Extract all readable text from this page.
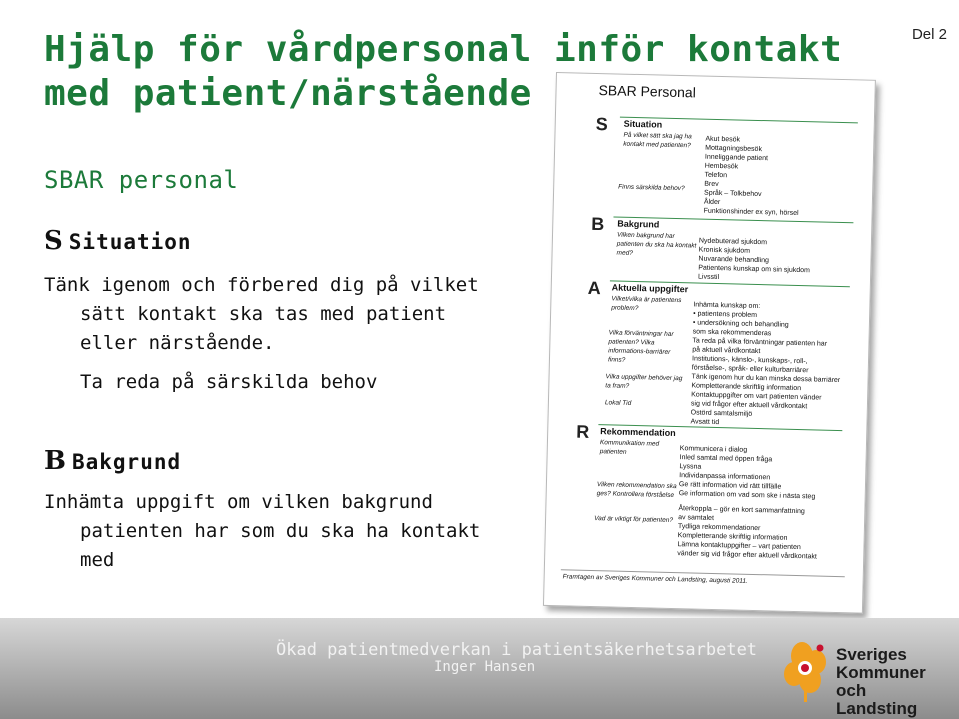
Hjälp för vårdpersonal inför kontakt
med patient/närstående
Del 2
SBAR personal
S Situation
Tänk igenom och förbered dig på vilket sätt kontakt ska tas med patient eller närstående.
Ta reda på särskilda behov
B Bakgrund
Inhämta uppgift om vilken bakgrund patienten har som du ska ha kontakt med
SBAR Personal
S Situation
På vilket sätt ska jag ha kontakt med patienten?
Finns särskilda behov?
Akut besök
Mottagningsbesök
Inneliggande patient
Hembesök
Telefon
Brev
Språk – Tolkbehov
Ålder
Funktionshinder ex syn, hörsel
B Bakgrund
Vilken bakgrund har patienten du ska ha kontakt med?
Nydebuterad sjukdom
Kronisk sjukdom
Nuvarande behandling
Patientens kunskap om sin sjukdom
Livsstil
A Aktuella uppgifter
Vilket/vilka är patientens problem?
Vilka förväntningar har patienten? Vilka informations-barriärer finns?
Vilka uppgifter behöver jag ta fram?
Lokal Tid
Inhämta kunskap om:
• patientens problem
• undersökning och behandling
som ska rekommenderas
Ta reda på vilka förväntningar patienten har
på aktuell vårdkontakt
Institutions-, känslo-, kunskaps-, roll-,
förståelse-, språk- eller kulturbarriärer
Tänk igenom hur du kan minska dessa barriärer
Kompletterande skriftlig information
Kontaktuppgifter om vart patienten vänder
sig vid frågor efter aktuell vårdkontakt
Ostörd samtalsmiljö
Avsatt tid
R Rekommendation
Kommunikation med patienten
Vilken rekommendation ska ges? Kontrollera förståelse
Vad är viktigt för patienten?
Kommunicera i dialog
Inled samtal med öppen fråga
Lyssna
Individanpassa informationen
Ge rätt information vid rätt tillfälle
Ge information om vad som ske i nästa steg
Återkoppla – gör en kort sammanfattning
av samtalet
Tydliga rekommendationer
Kompletterande skriftlig information
Lämna kontaktuppgifter – vart patienten
vänder sig vid frågor efter aktuell vårdkontakt
Framtagen av Sveriges Kommuner och Landsting, augusti 2011.
Ökad patientmedverkan i patientsäkerhetsarbetet
Inger Hansen
Sveriges
Kommuner
och Landsting
